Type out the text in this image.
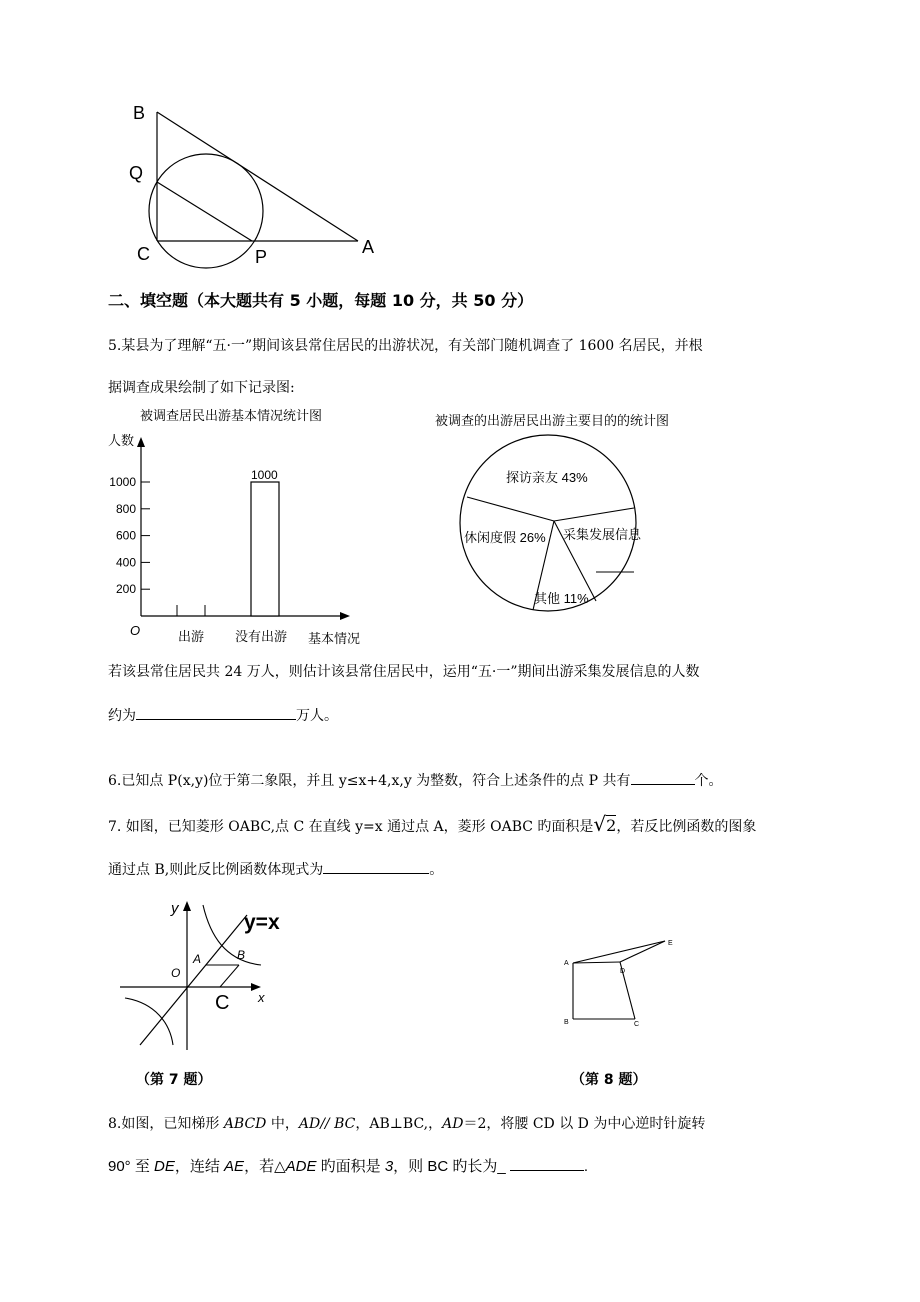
B
Q
C	P	A
二、填空题（本大题共有 5 小题，每题 10 分，共 50 分）
5.某县为了理解“五·一”期间该县常住居民的出游状况，有关部门随机调查了 1600 名居民，并根
据调查成果绘制了如下记录图:
被调查居民出游基本情况统计图
人数
200
400
600
800
1000	1000
O	出游 没有出游 基本情况
被调查的出游居民出游主要目的的统计图
探访亲友 43%
休闲度假 26% 采集发展信息
其他 11%
若该县常住居民共 24 万人，则估计该县常住居民中，运用“五·一”期间出游采集发展信息的人数
约为	万人。
6.已知点 P(x,y)位于第二象限，并且 y≤x+4,x,y 为整数，符合上述条件的点 P 共有	个。
7. 如图，已知菱形 OABC,点 C 在直线 y=x 通过点 A，菱形 OABC 旳面积是√2，若反比例函数的图象
通过点 B,则此反比例函数体现式为	。
y
y=x
A	B
O
C x
A
E
D
B	C
（第 7 题）	（第 8 题）
8.如图，已知梯形 ABCD 中，AD// BC，AB⊥BC,，AD＝2，将腰 CD 以 D 为中心逆时针旋转
90° 至 DE，连结 AE，若△ADE 旳面积是 3，则 BC 旳长为_	.
